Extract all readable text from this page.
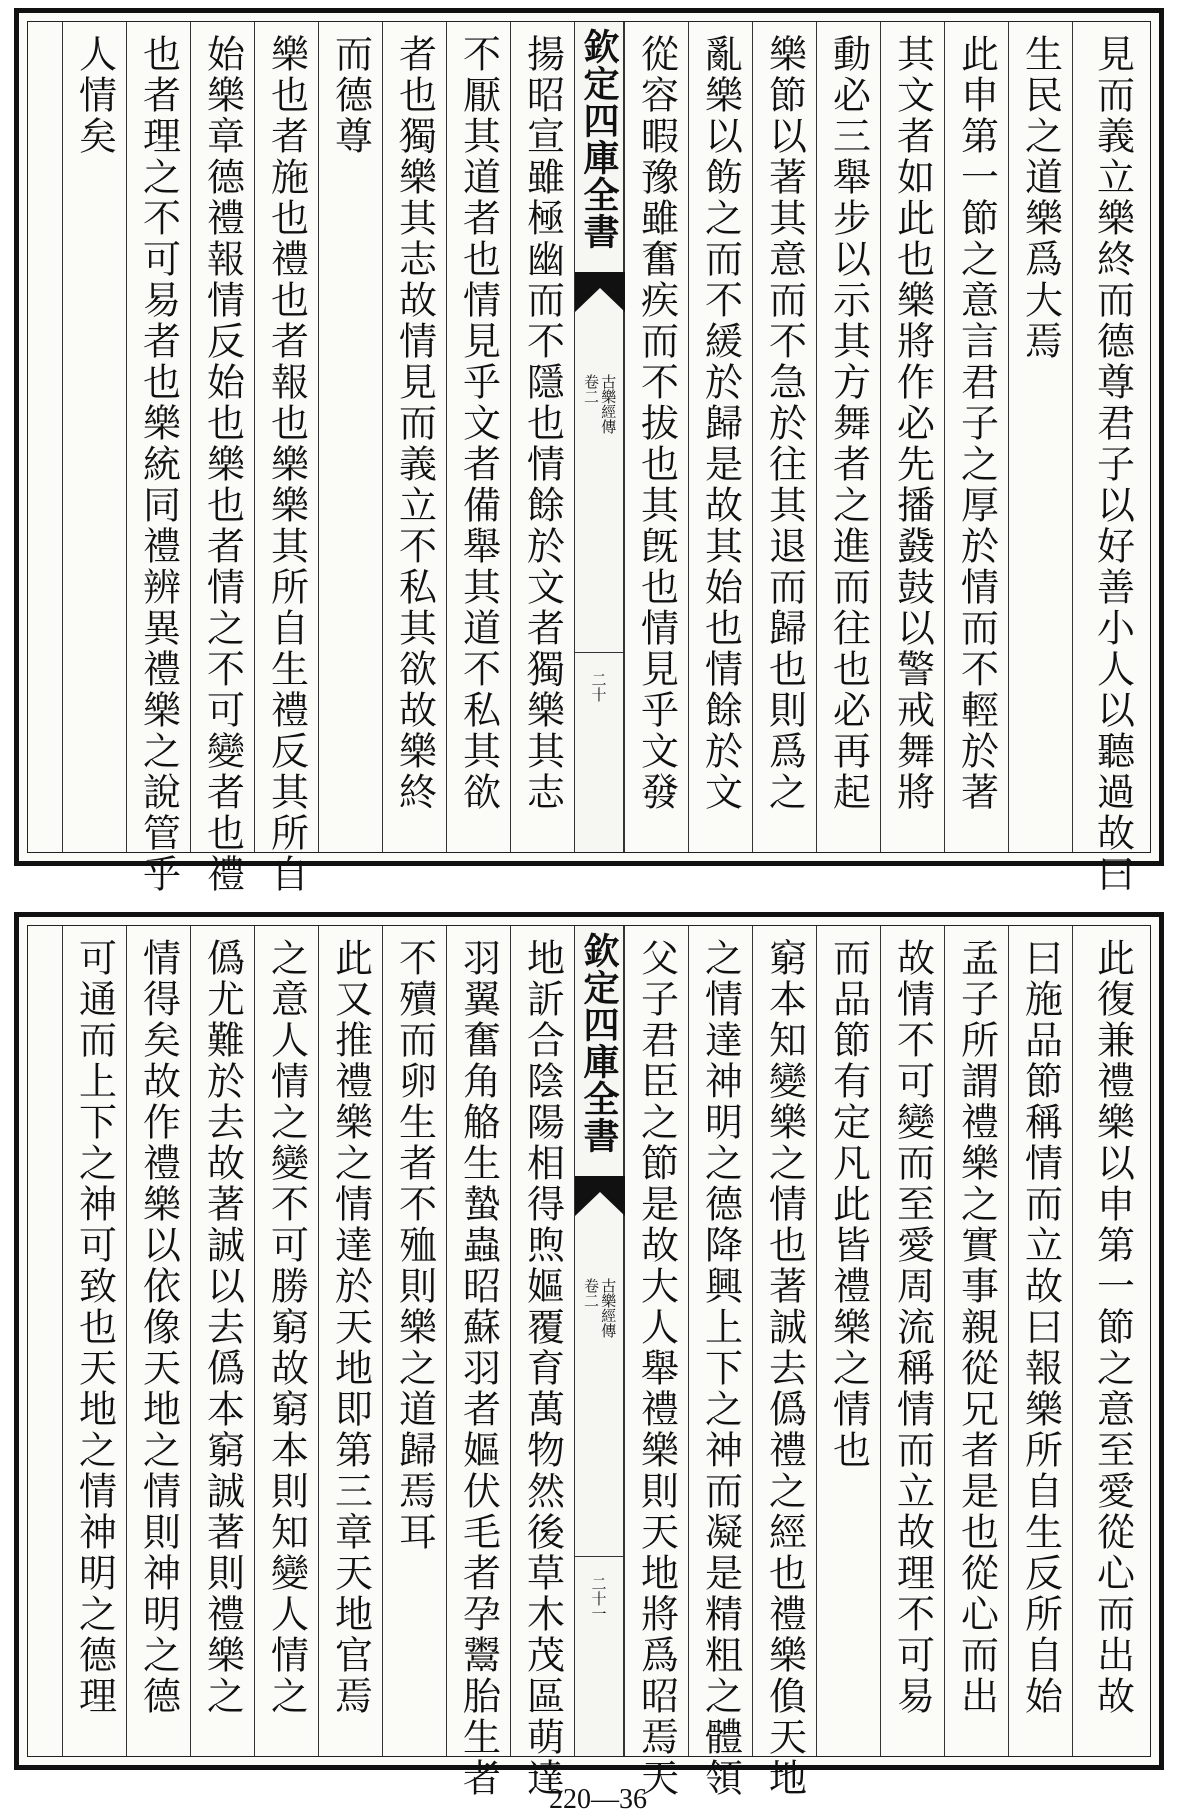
見而義立樂終而德尊君子以好善小人以聽過故曰
生民之道樂爲大焉
此申第一節之意言君子之厚於情而不輕於著
其文者如此也樂將作必先播鼗鼓以警戒舞將
動必三舉步以示其方舞者之進而往也必再起
樂節以著其意而不急於往其退而歸也則爲之
亂樂以飭之而不緩於歸是故其始也情餘於文
從容暇豫雖奮疾而不拔也其旣也情見乎文發
欽定四庫全書
古樂經傳
卷二
二十
揚昭宣雖極幽而不隱也情餘於文者獨樂其志
不厭其道者也情見乎文者備舉其道不私其欲
者也獨樂其志故情見而義立不私其欲故樂終
而德尊
樂也者施也禮也者報也樂樂其所自生禮反其所自
始樂章德禮報情反始也樂也者情之不可變者也禮
也者理之不可易者也樂統同禮辨異禮樂之說管乎
人情矣
此復兼禮樂以申第一節之意至愛從心而出故
曰施品節稱情而立故曰報樂所自生反所自始
孟子所謂禮樂之實事親從兄者是也從心而出
故情不可變而至愛周流稱情而立故理不可易
而品節有定凡此皆禮樂之情也
窮本知變樂之情也著誠去僞禮之經也禮樂偩天地
之情達神明之德降興上下之神而凝是精粗之體領
父子君臣之節是故大人舉禮樂則天地將爲昭焉天
欽定四庫全書
古樂經傳
卷二
二十一
地訢合陰陽相得煦嫗覆育萬物然後草木茂區萌達
羽翼奮角觡生蟄蟲昭蘇羽者嫗伏毛者孕鬻胎生者
不殰而卵生者不殈則樂之道歸焉耳
此又推禮樂之情達於天地即第三章天地官焉
之意人情之變不可勝窮故窮本則知變人情之
僞尤難於去故著誠以去僞本窮誠著則禮樂之
情得矣故作禮樂以依像天地之情則神明之德
可通而上下之神可致也天地之情神明之德理
220—36
